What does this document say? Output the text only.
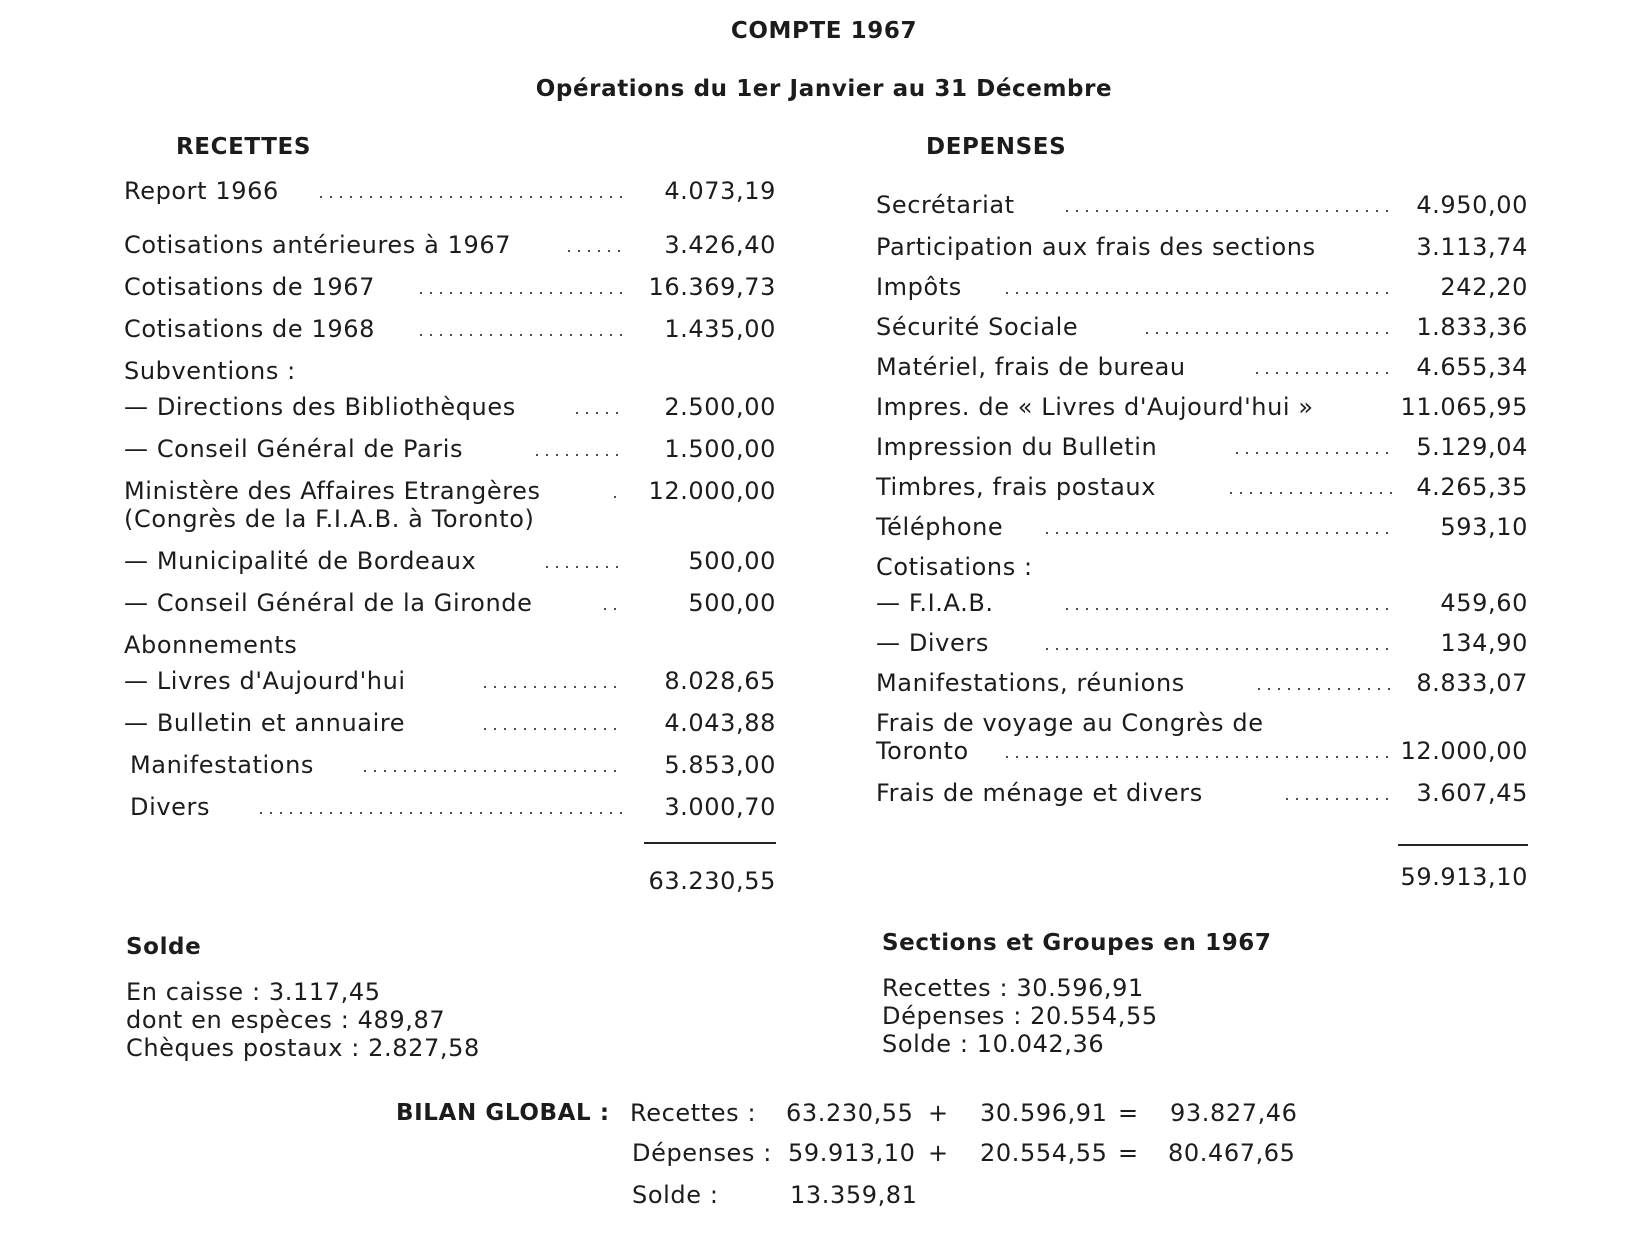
COMPTE 1967
Opérations du 1er Janvier au 31 Décembre
RECETTES	DEPENSES
Report 1966	4.073,19
Cotisations antérieures à 1967	3.426,40
Cotisations de 1967	16.369,73
Cotisations de 1968	1.435,00
Subventions :
— Directions des Bibliothèques	2.500,00
— Conseil Général de Paris	1.500,00
Ministère des Affaires Etrangères	12.000,00
(Congrès de la F.I.A.B. à Toronto)
— Municipalité de Bordeaux	500,00
— Conseil Général de la Gironde	500,00
Abonnements
— Livres d'Aujourd'hui	8.028,65
— Bulletin et annuaire	4.043,88
Manifestations	5.853,00
Divers	3.000,70
63.230,55
Secrétariat	4.950,00
Participation aux frais des sections	3.113,74
Impôts	242,20
Sécurité Sociale	1.833,36
Matériel, frais de bureau	4.655,34
Impres. de « Livres d'Aujourd'hui »	11.065,95
Impression du Bulletin	5.129,04
Timbres, frais postaux	4.265,35
Téléphone	593,10
Cotisations :
— F.I.A.B.	459,60
— Divers	134,90
Manifestations, réunions	8.833,07
Frais de voyage au Congrès de
Toronto	12.000,00
Frais de ménage et divers	3.607,45
59.913,10
Solde
En caisse : 3.117,45
dont en espèces : 489,87
Chèques postaux : 2.827,58
Sections et Groupes en 1967
Recettes : 30.596,91
Dépenses : 20.554,55
Solde : 10.042,36
BILAN GLOBAL : Recettes : 63.230,55 + 30.596,91 = 93.827,46
Dépenses : 59.913,10 + 20.554,55 = 80.467,65
Solde :	13.359,81
